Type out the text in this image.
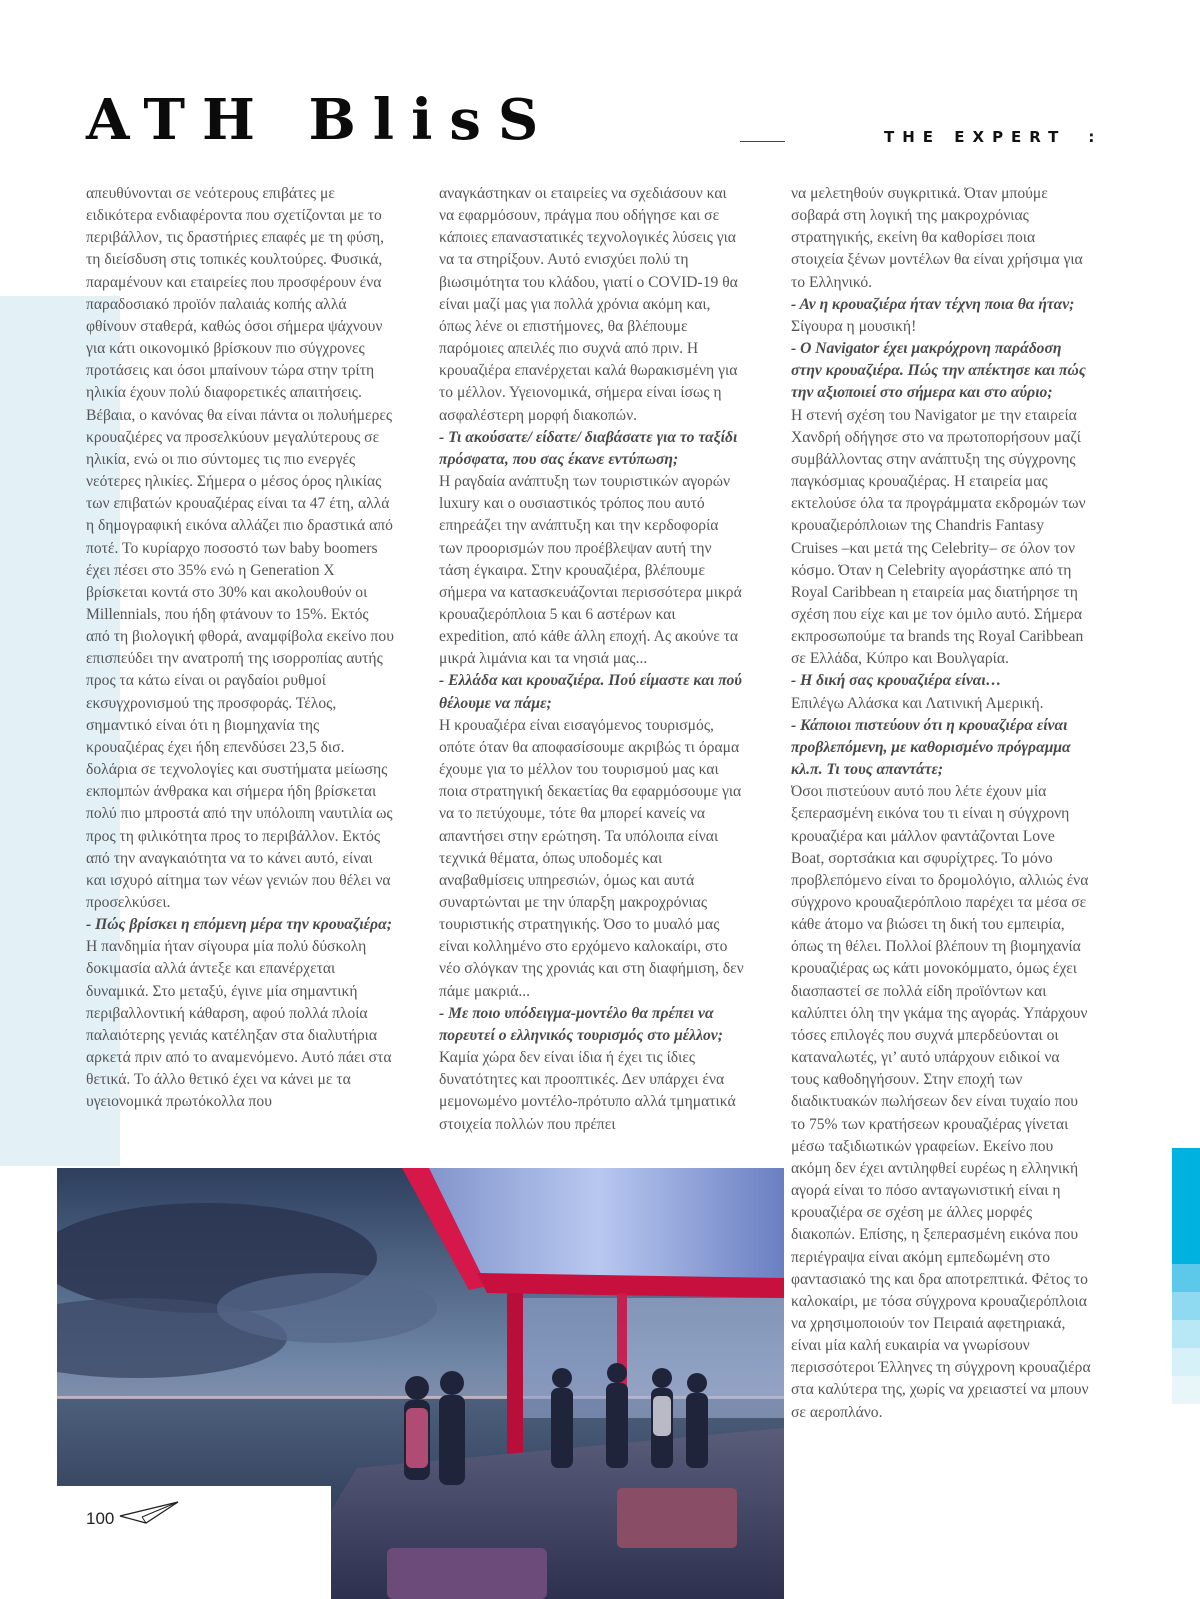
ATH BlisS	THE EXPERT :

απευθύνονται σε νεότερους επιβάτες με ειδικότερα ενδιαφέροντα που σχετίζονται με το περιβάλλον, τις δραστήριες επαφές με τη φύση, τη διείσδυση στις τοπικές κουλτούρες. Φυσικά, παραμένουν και εταιρείες που προσφέρουν ένα παραδοσιακό προϊόν παλαιάς κοπής αλλά φθίνουν σταθερά, καθώς όσοι σήμερα ψάχνουν για κάτι οικονομικό βρίσκουν πιο σύγχρονες προτάσεις και όσοι μπαίνουν τώρα στην τρίτη ηλικία έχουν πολύ διαφορετικές απαιτήσεις. Βέβαια, ο κανόνας θα είναι πάντα οι πολυήμερες κρουαζιέρες να προσελκύουν μεγαλύτερους σε ηλικία, ενώ οι πιο σύντομες τις πιο ενεργές νεότερες ηλικίες. Σήμερα ο μέσος όρος ηλικίας των επιβατών κρουαζιέρας είναι τα 47 έτη, αλλά η δημογραφική εικόνα αλλάζει πιο δραστικά από ποτέ. Το κυρίαρχο ποσοστό των baby boomers έχει πέσει στο 35% ενώ η Generation X βρίσκεται κοντά στο 30% και ακολουθούν οι Millennials, που ήδη φτάνουν το 15%. Εκτός από τη βιολογική φθορά, αναμφίβολα εκείνο που επισπεύδει την ανατροπή της ισορροπίας αυτής προς τα κάτω είναι οι ραγδαίοι ρυθμοί εκσυγχρονισμού της προσφοράς. Τέλος, σημαντικό είναι ότι η βιομηχανία της κρουαζιέρας έχει ήδη επενδύσει 23,5 δισ. δολάρια σε τεχνολογίες και συστήματα μείωσης εκπομπών άνθρακα και σήμερα ήδη βρίσκεται πολύ πιο μπροστά από την υπόλοιπη ναυτιλία ως προς τη φιλικότητα προς το περιβάλλον. Εκτός από την αναγκαιότητα να το κάνει αυτό, είναι και ισχυρό αίτημα των νέων γενιών που θέλει να προσελκύσει.

- Πώς βρίσκει η επόμενη μέρα την κρουαζιέρα;

Η πανδημία ήταν σίγουρα μία πολύ δύσκολη δοκιμασία αλλά άντεξε και επανέρχεται δυναμικά. Στο μεταξύ, έγινε μία σημαντική περιβαλλοντική κάθαρση, αφού πολλά πλοία παλαιότερης γενιάς κατέληξαν στα διαλυτήρια αρκετά πριν από το αναμενόμενο. Αυτό πάει στα θετικά. Το άλλο θετικό έχει να κάνει με τα υγειονομικά πρωτόκολλα που

αναγκάστηκαν οι εταιρείες να σχεδιάσουν και να εφαρμόσουν, πράγμα που οδήγησε και σε κάποιες επαναστατικές τεχνολογικές λύσεις για να τα στηρίξουν. Αυτό ενισχύει πολύ τη βιωσιμότητα του κλάδου, γιατί ο COVID-19 θα είναι μαζί μας για πολλά χρόνια ακόμη και, όπως λένε οι επιστήμονες, θα βλέπουμε παρόμοιες απειλές πιο συχνά από πριν. Η κρουαζιέρα επανέρχεται καλά θωρακισμένη για το μέλλον. Υγειονομικά, σήμερα είναι ίσως η ασφαλέστερη μορφή διακοπών.

- Τι ακούσατε/ είδατε/ διαβάσατε για το ταξίδι πρόσφατα, που σας έκανε εντύπωση;

Η ραγδαία ανάπτυξη των τουριστικών αγορών luxury και ο ουσιαστικός τρόπος που αυτό επηρεάζει την ανάπτυξη και την κερδοφορία των προορισμών που προέβλεψαν αυτή την τάση έγκαιρα. Στην κρουαζιέρα, βλέπουμε σήμερα να κατασκευάζονται περισσότερα μικρά κρουαζιερόπλοια 5 και 6 αστέρων και expedition, από κάθε άλλη εποχή. Ας ακούνε τα μικρά λιμάνια και τα νησιά μας...

- Ελλάδα και κρουαζιέρα. Πού είμαστε και πού θέλουμε να πάμε;

Η κρουαζιέρα είναι εισαγόμενος τουρισμός, οπότε όταν θα αποφασίσουμε ακριβώς τι όραμα έχουμε για το μέλλον του τουρισμού μας και ποια στρατηγική δεκαετίας θα εφαρμόσουμε για να το πετύχουμε, τότε θα μπορεί κανείς να απαντήσει στην ερώτηση. Τα υπόλοιπα είναι τεχνικά θέματα, όπως υποδομές και αναβαθμίσεις υπηρεσιών, όμως και αυτά συναρτώνται με την ύπαρξη μακροχρόνιας τουριστικής στρατηγικής. Όσο το μυαλό μας είναι κολλημένο στο ερχόμενο καλοκαίρι, στο νέο σλόγκαν της χρονιάς και στη διαφήμιση, δεν πάμε μακριά...

- Με ποιο υπόδειγμα-μοντέλο θα πρέπει να πορευτεί ο ελληνικός τουρισμός στο μέλλον;

Καμία χώρα δεν είναι ίδια ή έχει τις ίδιες δυνατότητες και προοπτικές. Δεν υπάρχει ένα μεμονωμένο μοντέλο-πρότυπο αλλά τμηματικά στοιχεία πολλών που πρέπει

να μελετηθούν συγκριτικά. Όταν μπούμε σοβαρά στη λογική της μακροχρόνιας στρατηγικής, εκείνη θα καθορίσει ποια στοιχεία ξένων μοντέλων θα είναι χρήσιμα για το Ελληνικό.

- Αν η κρουαζιέρα ήταν τέχνη ποια θα ήταν;

Σίγουρα η μουσική!

- Ο Navigator έχει μακρόχρονη παράδοση στην κρουαζιέρα. Πώς την απέκτησε και πώς την αξιοποιεί στο σήμερα και στο αύριο;

Η στενή σχέση του Navigator με την εταιρεία Χανδρή οδήγησε στο να πρωτοπορήσουν μαζί συμβάλλοντας στην ανάπτυξη της σύγχρονης παγκόσμιας κρουαζιέρας. Η εταιρεία μας εκτελούσε όλα τα προγράμματα εκδρομών των κρουαζιερόπλοιων της Chandris Fantasy Cruises –και μετά της Celebrity– σε όλον τον κόσμο. Όταν η Celebrity αγοράστηκε από τη Royal Caribbean η εταιρεία μας διατήρησε τη σχέση που είχε και με τον όμιλο αυτό. Σήμερα εκπροσωπούμε τα brands της Royal Caribbean σε Ελλάδα, Κύπρο και Βουλγαρία.

- Η δική σας κρουαζιέρα είναι…

Επιλέγω Αλάσκα και Λατινική Αμερική.

- Κάποιοι πιστεύουν ότι η κρουαζιέρα είναι προβλεπόμενη, με καθορισμένο πρόγραμμα κλ.π. Τι τους απαντάτε;

Όσοι πιστεύουν αυτό που λέτε έχουν μία ξεπερασμένη εικόνα του τι είναι η σύγχρονη κρουαζιέρα και μάλλον φαντάζονται Love Boat, σορτσάκια και σφυρίχτρες. Το μόνο προβλεπόμενο είναι το δρομολόγιο, αλλιώς ένα σύγχρονο κρουαζιερόπλοιο παρέχει τα μέσα σε κάθε άτομο να βιώσει τη δική του εμπειρία, όπως τη θέλει. Πολλοί βλέπουν τη βιομηχανία κρουαζιέρας ως κάτι μονοκόμματο, όμως έχει διασπαστεί σε πολλά είδη προϊόντων και καλύπτει όλη την γκάμα της αγοράς. Υπάρχουν τόσες επιλογές που συχνά μπερδεύονται οι καταναλωτές, γι’ αυτό υπάρχουν ειδικοί να τους καθοδηγήσουν. Στην εποχή των διαδικτυακών πωλήσεων δεν είναι τυχαίο που το 75% των κρατήσεων κρουαζιέρας γίνεται μέσω ταξιδιωτικών γραφείων. Εκείνο που ακόμη δεν έχει αντιληφθεί ευρέως η ελληνική αγορά είναι το πόσο ανταγωνιστική είναι η κρουαζιέρα σε σχέση με άλλες μορφές διακοπών. Επίσης, η ξεπερασμένη εικόνα που περιέγραψα είναι ακόμη εμπεδωμένη στο φαντασιακό της και δρα αποτρεπτικά. Φέτος το καλοκαίρι, με τόσα σύγχρονα κρουαζιερόπλοια να χρησιμοποιούν τον Πειραιά αφετηριακά, είναι μία καλή ευκαιρία να γνωρίσουν περισσότεροι Έλληνες τη σύγχρονη κρουαζιέρα στα καλύτερα της, χωρίς να χρειαστεί να μπουν σε αεροπλάνο.

100
